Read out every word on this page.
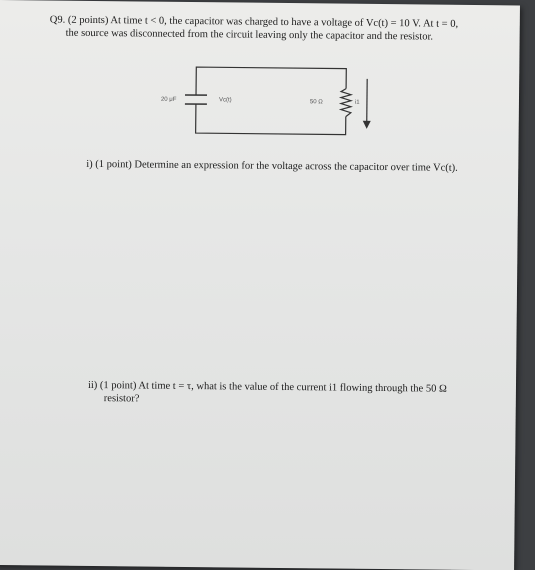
Q9. (2 points) At time t < 0, the capacitor was charged to have a voltage of Vc(t) = 10 V. At t = 0,
the source was disconnected from the circuit leaving only the capacitor and the resistor.
20 μF	Vc(t)	50 Ω	i1
i) (1 point) Determine an expression for the voltage across the capacitor over time Vc(t).
ii) (1 point) At time t = τ, what is the value of the current i1 flowing through the 50 Ω
resistor?
